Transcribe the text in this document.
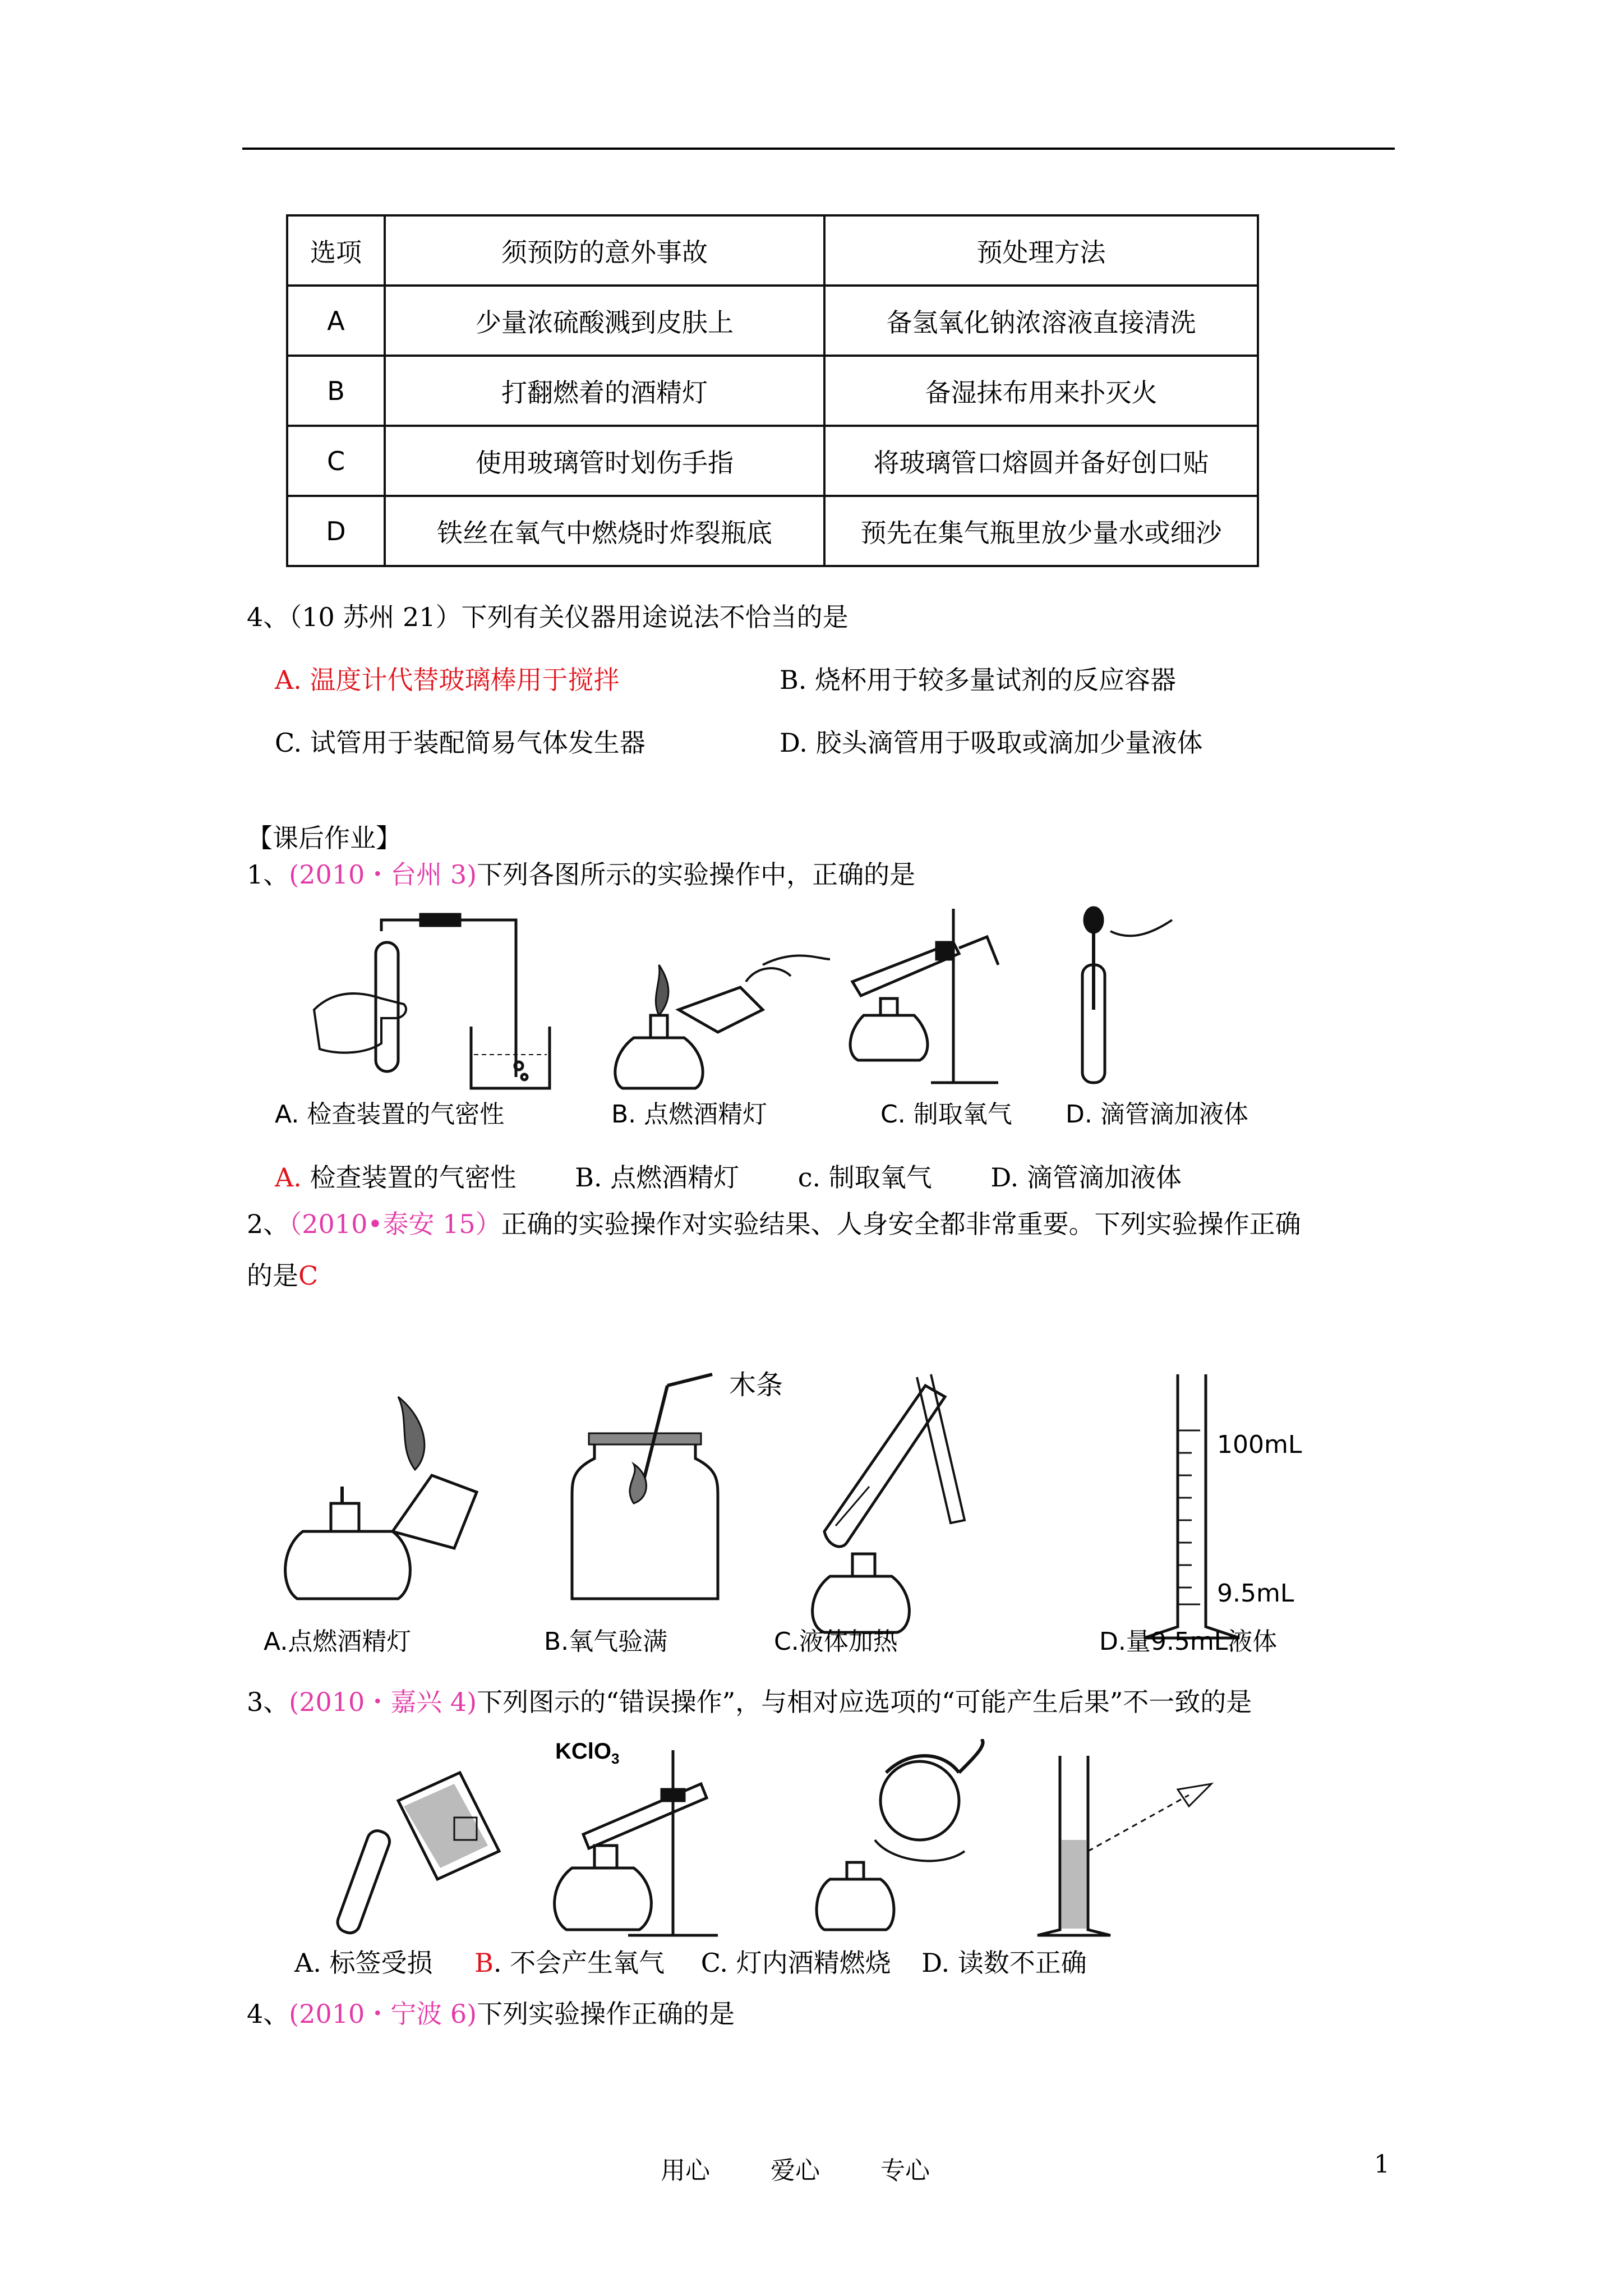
选项	须预防的意外事故	预处理方法
A	少量浓硫酸溅到皮肤上	备氢氧化钠浓溶液直接清洗
B	打翻燃着的酒精灯	备湿抹布用来扑灭火
C	使用玻璃管时划伤手指	将玻璃管口熔圆并备好创口贴
D	铁丝在氧气中燃烧时炸裂瓶底	预先在集气瓶里放少量水或细沙
4、（10 苏州 21）下列有关仪器用途说法不恰当的是
A. 温度计代替玻璃棒用于搅拌	B. 烧杯用于较多量试剂的反应容器
C. 试管用于装配简易气体发生器	D. 胶头滴管用于吸取或滴加少量液体
【课后作业】
1、(2010・台州 3)下列各图所示的实验操作中，正确的是
A. 检查装置的气密性	B. 点燃酒精灯	C. 制取氧气 D. 滴管滴加液体
A. 检查装置的气密性 B. 点燃酒精灯 c. 制取氧气 D. 滴管滴加液体
2、（2010•泰安 15）正确的实验操作对实验结果、人身安全都非常重要。下列实验操作正确
的是C
木条
100mL
9.5mL
A.点燃酒精灯	B.氧气验满	C.液体加热	D.量9.5mL液体
3、(2010・嘉兴 4)下列图示的“错误操作”，与相对应选项的“可能产生后果”不一致的是
KClO$_3$
A. 标签受损 B. 不会产生氧气 C. 灯内酒精燃烧 D. 读数不正确
4、(2010・宁波 6)下列实验操作正确的是
用心 爱心 专心	1
